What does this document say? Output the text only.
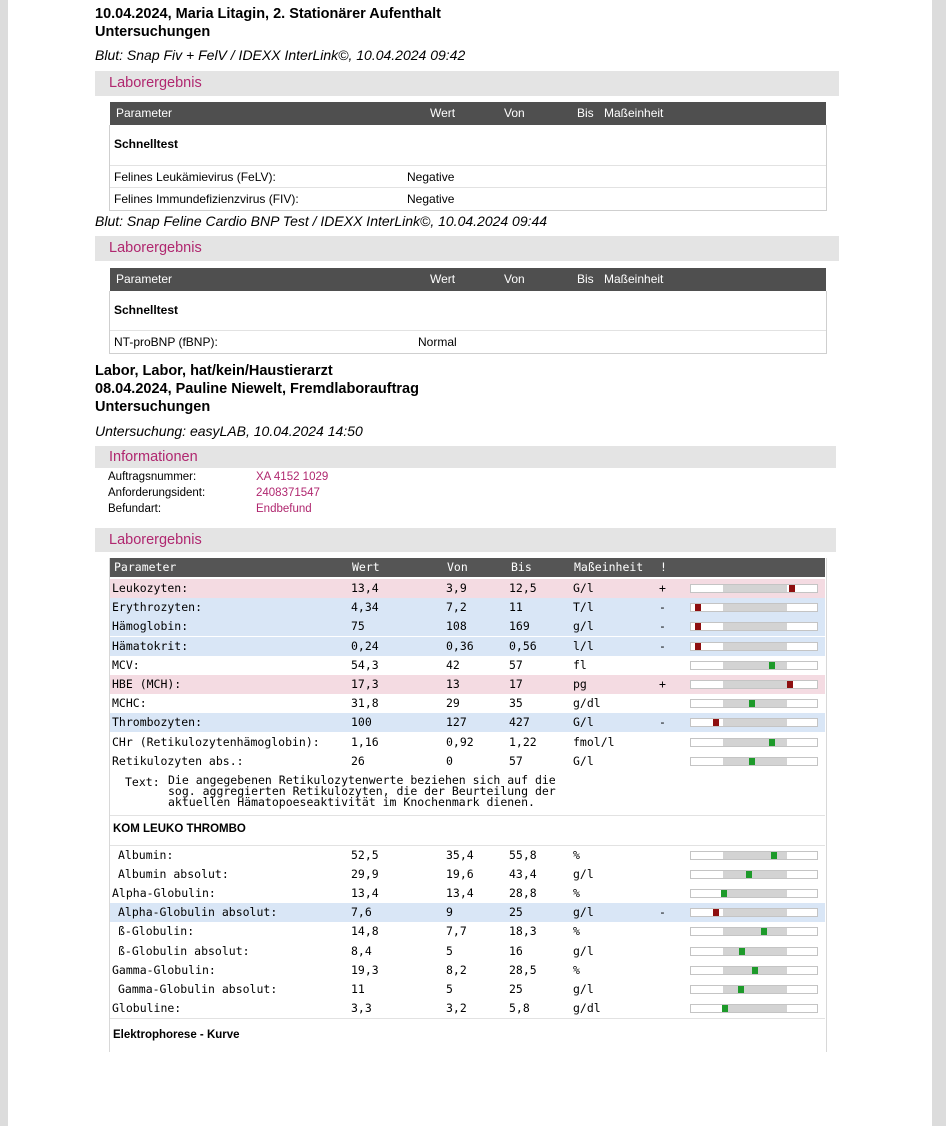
10.04.2024, Maria Litagin, 2. Stationärer Aufenthalt
Untersuchungen
Blut: Snap Fiv + FelV / IDEXX InterLink©, 10.04.2024 09:42
Laborergebnis
Parameter	Wert	Von	Bis Maßeinheit
Schnelltest
Felines Leukämievirus (FeLV):	Negative
Felines Immundefizienzvirus (FIV):	Negative
Blut: Snap Feline Cardio BNP Test / IDEXX InterLink©, 10.04.2024 09:44
Laborergebnis
Parameter	Wert	Von	Bis Maßeinheit
Schnelltest
NT-proBNP (fBNP):	Normal
Labor, Labor, hat/kein/Haustierarzt
08.04.2024, Pauline Niewelt, Fremdlaborauftrag
Untersuchungen
Untersuchung: easyLAB, 10.04.2024 14:50
Informationen
Auftragsnummer:	XA 4152 1029
Anforderungsident:	2408371547
Befundart:	Endbefund
Laborergebnis
Parameter	Wert	Von	Bis	Maßeinheit !
Text: Die angegebenen Retikulozytenwerte beziehen sich auf die
sog. aggregierten Retikulozyten, die der Beurteilung der
aktuellen Hämatopoeseaktivität im Knochenmark dienen.
KOM LEUKO THROMBO
Elektrophorese - Kurve
Leukozyten:	13,4	3,9	12,5	G/l	+
Erythrozyten:	4,34	7,2	11	T/l	-
Hämoglobin:	75	108	169	g/l	-
Hämatokrit:	0,24	0,36	0,56	l/l	-
MCV:	54,3	42	57	fl
HBE (MCH):	17,3	13	17	pg	+
MCHC:	31,8	29	35	g/dl
Thrombozyten:	100	127	427	G/l	-
CHr (Retikulozytenhämoglobin):	1,16	0,92	1,22	fmol/l
Retikulozyten abs.:	26	0	57	G/l
Albumin:	52,5	35,4	55,8	%
Albumin absolut:	29,9	19,6	43,4	g/l
Alpha-Globulin:	13,4	13,4	28,8	%
Alpha-Globulin absolut:	7,6	9	25	g/l	-
ß-Globulin:	14,8	7,7	18,3	%
ß-Globulin absolut:	8,4	5	16	g/l
Gamma-Globulin:	19,3	8,2	28,5	%
Gamma-Globulin absolut:	11	5	25	g/l
Globuline:	3,3	3,2	5,8	g/dl
